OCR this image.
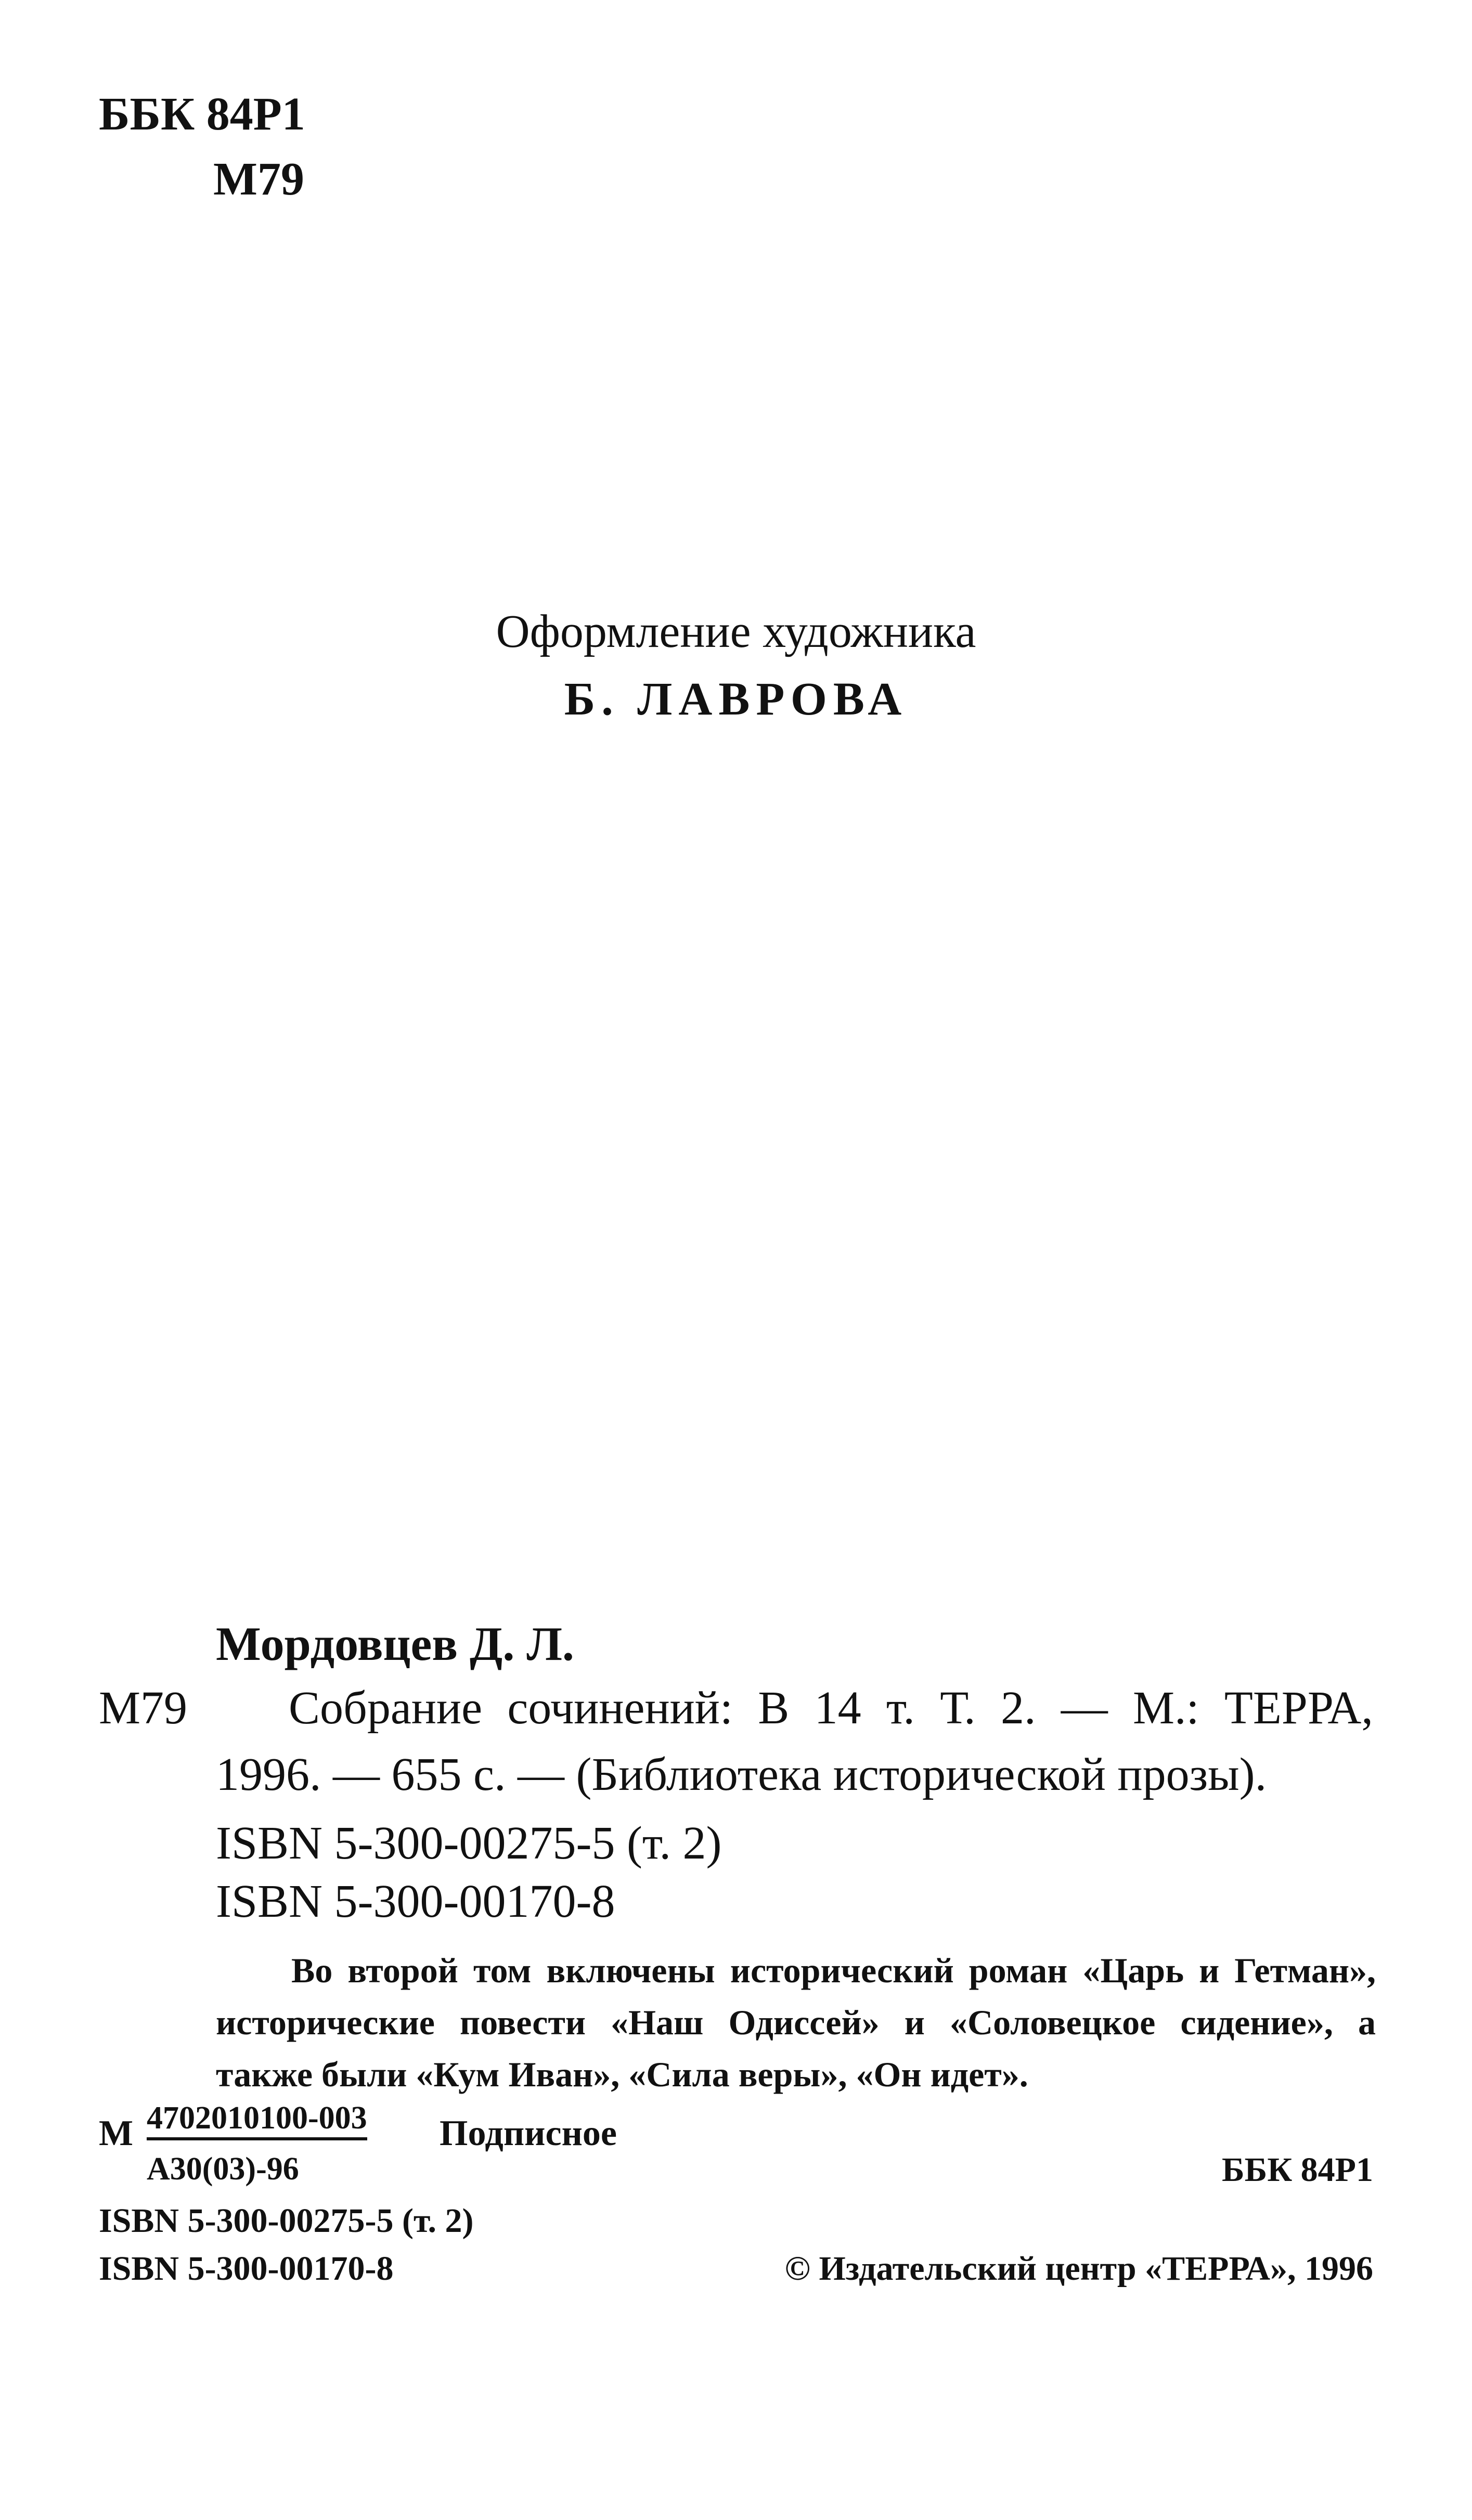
ББК 84Р1
М79
Оформление художника
Б. ЛАВРОВА
Мордовцев Д. Л.
М79 Собрание сочинений: В 14 т. Т. 2. — М.: ТЕРРА,
1996. — 655 с. — (Библиотека исторической прозы).
ISBN 5-300-00275-5 (т. 2)
ISBN 5-300-00170-8
Во второй том включены исторический роман «Царь и Гетман»,
исторические повести «Наш Одиссей» и «Соловецкое сидение», а
также были «Кум Иван», «Сила веры», «Он идет».
М 4702010100-003
А30(03)-96
Подписное
ББК 84Р1
ISBN 5-300-00275-5 (т. 2)
ISBN 5-300-00170-8	© Издательский центр «ТЕРРА», 1996
